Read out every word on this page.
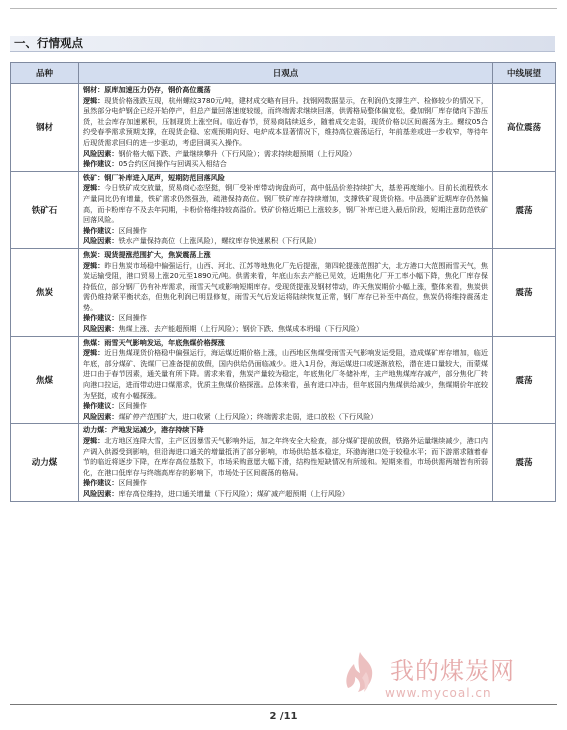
一、行情观点
品种	日观点	中线展望
钢材	钢材：原库加速压力仍存，钢价高位震荡
逻辑：现货价格涨跌互现，杭州螺纹3780元/吨，建材成交略有回升。找钢网数据显示，在利润仍支撑生产、检修较少的情况下，虽然部分电炉钢企已经开始停产，但总产量回落速度较缓，而终端需求继续回落，供需格局整体偏宽松，叠加钢厂库存储向下游压货，社会库存加速累积，压制现货上涨空间。临近春节，贸易商陆续返乡，随着成交走弱，现货价格以区间震荡为主。螺纹05合约受春季需求预期支撑，在现货企稳、宏观预期向好、电炉成本显著情况下，维持高位震荡运行，年前基差或进一步收窄，等待年后现货需求回归的进一步驱动，考虑回调买入操作。
风险因素：钢价格大幅下跌、产量继续攀升（下行风险）；需求持续超预期（上行风险）
操作建议：05合约区间操作与回调买入相结合	高位震荡
铁矿石	铁矿：钢厂补库进入尾声，短期防范回落风险
逻辑：今日铁矿成交放量，贸易商心态坚挺，钢厂受补库带动询盘尚可，高中低品价差持续扩大，基差再度缩小。目前长流程铁水产量同比仍有增量，铁矿需求仍然强劲，疏港保持高位。钢厂铁矿库存持续增加，支撑铁矿现货价格。中品澳矿近期库存仍然偏高，而卡粉库存不及去年同期，卡粉价格维持较高溢价。铁矿价格近期已上涨较多，钢厂补库已进入最后阶段，短期注意防范铁矿回落风险。
操作建议：区间操作
风险因素：铁水产量保持高位（上涨风险），螺纹库存快速累积（下行风险）	震荡
焦炭	焦炭：现货提涨范围扩大，焦炭震荡上涨
逻辑：昨日焦炭市场稳中偏强运行，山西、河北、江苏等地焦化厂先后提涨，第四轮提涨范围扩大，北方港口大范围雨雪天气，焦炭运输受阻，港口贸易上涨20元至1890元/吨。供需来看，年底山东去产能已见效，近期焦化厂开工率小幅下降，焦化厂库存保持低位，部分钢厂仍有补库需求，雨雪天气或影响短期库存。受现货提涨及钢材带动，昨天焦炭期价小幅上涨，整体来看，焦炭供需仍维持紧平衡状态，但焦化利润已明显修复，雨雪天气后发运将陆续恢复正常，钢厂库存已补至中高位，焦炭仍将维持震荡走势。
操作建议：区间操作
风险因素：焦煤上涨、去产能超预期（上行风险）；钢价下跌、焦煤成本坍塌（下行风险）	震荡
焦煤	焦煤：雨雪天气影响发运，年底焦煤价格探涨
逻辑：近日焦煤现货价格稳中偏强运行，海运煤近期价格上涨，山西地区焦煤受雨雪天气影响发运受阻，造成煤矿库存增加，临近年底，部分煤矿、洗煤厂已准备提前放假，国内供给仍面临减少。进入1月份，海运煤进口或逐渐放松，潜在进口量较大，而蒙煤进口由于春节因素，通关量有所下降。需求来看，焦炭产量较为稳定，年底焦化厂冬储补库，主产地焦煤库存减产，部分焦化厂转向港口拉运，进而带动进口煤需求，优质主焦煤价格探涨。总体来看，虽有进口冲击，但年底国内焦煤供给减少，焦煤期价年底较为坚挺，或有小幅探涨。
操作建议：区间操作
风险因素：煤矿停产范围扩大，进口收紧（上行风险）；终端需求走弱，进口放松（下行风险）	震荡
动力煤	动力煤：产地发运减少，港存持续下降
逻辑：北方地区连降大雪，主产区因暴雪天气影响外运，加之年终安全大检查，部分煤矿提前放假，铁路外运量继续减少，港口内产调入供源受到影响，但沿海进口通关的增量抵消了部分影响，市场供给基本稳定，环渤海港口处于较稳水平；而下游需求随着春节的临近将逐步下降，在库存高位基数下，市场采购意愿大幅下滑，结构性短缺情况有所缓和。短期来看，市场供需两端皆有所弱化，在港口低库存与终端高库存的影响下，市场处于区间震荡的格局。
操作建议：区间操作
风险因素：库存高位维持，进口通关增量（下行风险）；煤矿减产超预期（上行风险）	震荡
我的煤炭网
www.mycoal.cn
2 /11
